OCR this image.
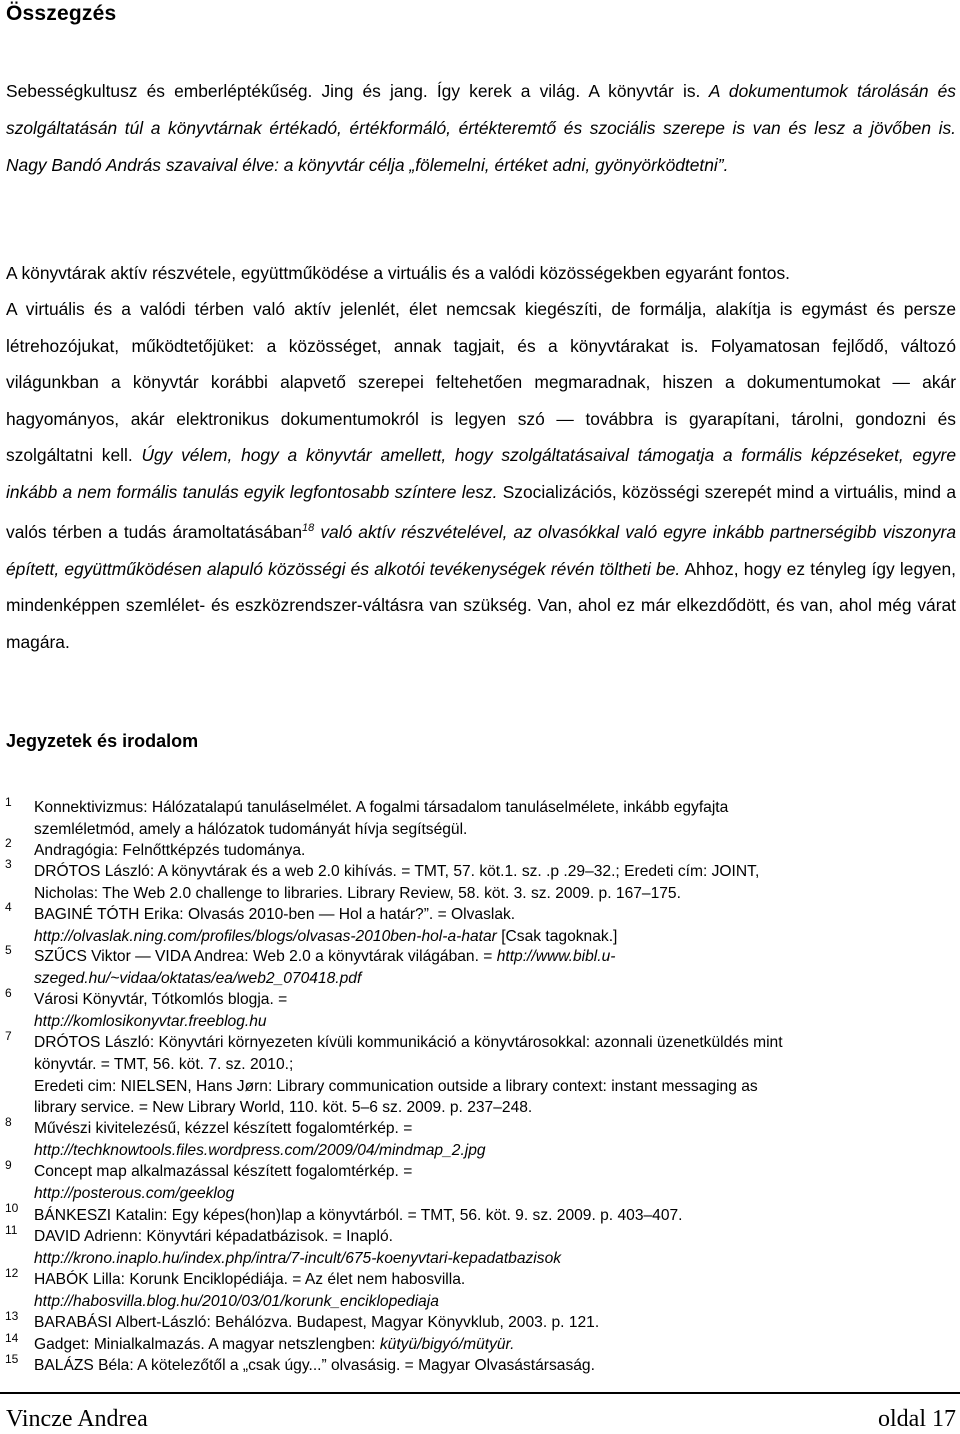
Összegzés

Sebességkultusz és emberléptékűség. Jing és jang. Így kerek a világ. A könyvtár is. A dokumentumok tárolásán és szolgáltatásán túl a könyvtárnak értékadó, értékformáló, értékteremtő és szociális szerepe is van és lesz a jövőben is. Nagy Bandó András szavaival élve: a könyvtár célja „fölemelni, értéket adni, gyönyörködtetni”.

A könyvtárak aktív részvétele, együttműködése a virtuális és a valódi közösségekben egyaránt fontos.

A virtuális és a valódi térben való aktív jelenlét, élet nemcsak kiegészíti, de formálja, alakítja is egymást és persze létrehozójukat, működtetőjüket: a közösséget, annak tagjait, és a könyvtárakat is. Folyamatosan fejlődő, változó világunkban a könyvtár korábbi alapvető szerepei feltehetően megmaradnak, hiszen a dokumentumokat ― akár hagyományos, akár elektronikus dokumentumokról is legyen szó ― továbbra is gyarapítani, tárolni, gondozni és szolgáltatni kell. Úgy vélem, hogy a könyvtár amellett, hogy szolgáltatásaival támogatja a formális képzéseket, egyre inkább a nem formális tanulás egyik legfontosabb színtere lesz. Szocializációs, közösségi szerepét mind a virtuális, mind a valós térben a tudás áramoltatásában$^{18}$ való aktív részvételével, az olvasókkal való egyre inkább partnerségibb viszonyra épített, együttműködésen alapuló közösségi és alkotói tevékenységek révén töltheti be. Ahhoz, hogy ez tényleg így legyen, mindenképpen szemlélet- és eszközrendszer-váltásra van szükség. Van, ahol ez már elkezdődött, és van, ahol még várat magára.

Jegyzetek és irodalom
1 Konnektivizmus: Hálózatalapú tanuláselmélet. A fogalmi társadalom tanuláselmélete, inkább egyfajta
szemléletmód, amely a hálózatok tudományát hívja segítségül.
2 Andragógia: Felnőttképzés tudománya.
3 DRÓTOS László: A könyvtárak és a web 2.0 kihívás. = TMT, 57. köt.1. sz. .p .29–32.; Eredeti cím: JOINT,
Nicholas: The Web 2.0 challenge to libraries. Library Review, 58. köt. 3. sz. 2009. p. 167–175.
4 BAGINÉ TÓTH Erika: Olvasás 2010-ben ― Hol a határ?”. = Olvaslak.
http://olvaslak.ning.com/profiles/blogs/olvasas-2010ben-hol-a-hatar [Csak tagoknak.]
5 SZŰCS Viktor ― VIDA Andrea: Web 2.0 a könyvtárak világában. = http://www.bibl.u-
szeged.hu/~vidaa/oktatas/ea/web2_070418.pdf
6 Városi Könyvtár, Tótkomlós blogja. =
http://komlosikonyvtar.freeblog.hu
7 DRÓTOS László: Könyvtári környezeten kívüli kommunikáció a könyvtárosokkal: azonnali üzenetküldés mint
könyvtár. = TMT, 56. köt. 7. sz. 2010.;
Eredeti cim: NIELSEN, Hans Jørn: Library communication outside a library context: instant messaging as
library service. = New Library World, 110. köt. 5–6 sz. 2009. p. 237–248.
8 Művészi kivitelezésű, kézzel készített fogalomtérkép. =
http://techknowtools.files.wordpress.com/2009/04/mindmap_2.jpg
9 Concept map alkalmazással készített fogalomtérkép. =
http://posterous.com/geeklog
10 BÁNKESZI Katalin: Egy képes(hon)lap a könyvtárból. = TMT, 56. köt. 9. sz. 2009. p. 403–407.
11 DAVID Adrienn: Könyvtári képadatbázisok. = Inapló.
http://krono.inaplo.hu/index.php/intra/7-incult/675-koenyvtari-kepadatbazisok
12 HABÓK Lilla: Korunk Enciklopédiája. = Az élet nem habosvilla.
http://habosvilla.blog.hu/2010/03/01/korunk_enciklopediaja
13 BARABÁSI Albert-László: Behálózva. Budapest, Magyar Könyvklub, 2003. p. 121.
14 Gadget: Minialkalmazás. A magyar netszlengben: kütyü/bigyó/mütyür.
15 BALÁZS Béla: A kötelezőtől a „csak úgy...” olvasásig. = Magyar Olvasástársaság.
Vincze Andrea	oldal 17
